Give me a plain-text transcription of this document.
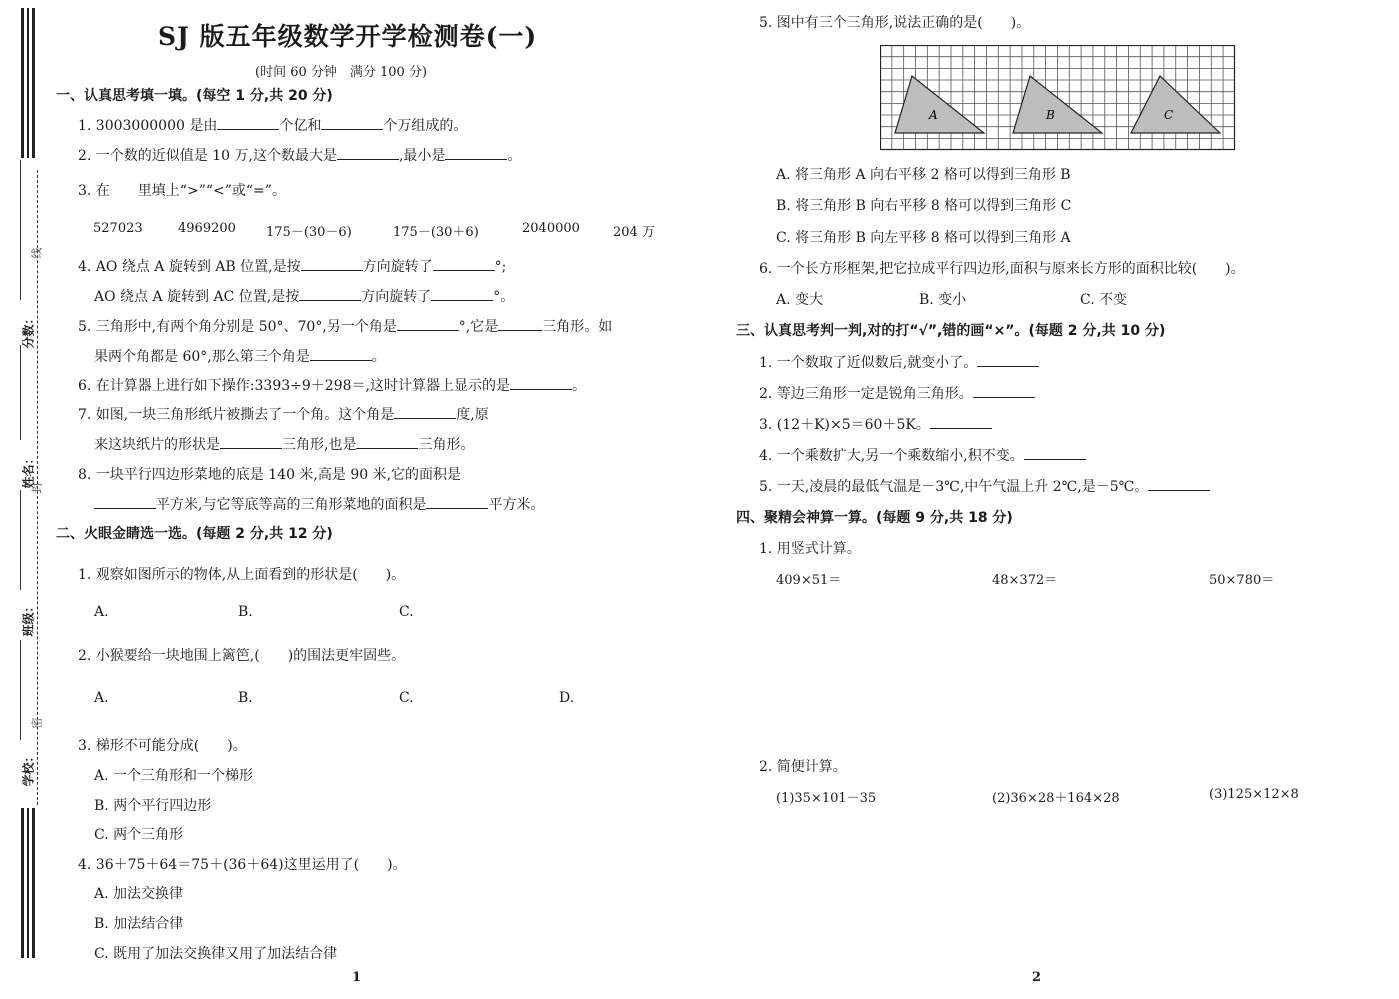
分数：
姓名：
班级：
学校：
线
封
密
SJ 版五年级数学开学检测卷(一)
(时间 60 分钟　满分 100 分)
一、认真思考填一填。(每空 1 分,共 20 分)
1. 3003000000 是由	个亿和	个万组成的。
2. 一个数的近似值是 10 万,这个数最大是	,最小是	。
3. 在　　里填上“>”“<”或“=”。
527023	4969200 175－(30－6)	175－(30＋6)	2040000	204 万
4. AO 绕点 A 旋转到 AB 位置,是按	方向旋转了	°;
AO 绕点 A 旋转到 AC 位置,是按	方向旋转了	°。
5. 三角形中,有两个角分别是 50°、70°,另一个角是	°,它是	三角形。如
果两个角都是 60°,那么第三个角是	。
6. 在计算器上进行如下操作:3393÷9＋298＝,这时计算器上显示的是	。
7. 如图,一块三角形纸片被撕去了一个角。这个角是	度,原
来这块纸片的形状是	三角形,也是	三角形。
8. 一块平行四边形菜地的底是 140 米,高是 90 米,它的面积是
平方米,与它等底等高的三角形菜地的面积是	平方米。
二、火眼金睛选一选。(每题 2 分,共 12 分)
1. 观察如图所示的物体,从上面看到的形状是(　　)。
A.	B.	C.
2. 小猴要给一块地围上篱笆,(　　)的围法更牢固些。
A.	B.	C.	D.
3. 梯形不可能分成(　　)。
A. 一个三角形和一个梯形
B. 两个平行四边形
C. 两个三角形
4. 36＋75＋64＝75＋(36＋64)这里运用了(　　)。
A. 加法交换律
B. 加法结合律
C. 既用了加法交换律又用了加法结合律
1
5. 图中有三个三角形,说法正确的是(　　)。
A	B	C
A. 将三角形 A 向右平移 2 格可以得到三角形 B
B. 将三角形 B 向右平移 8 格可以得到三角形 C
C. 将三角形 B 向左平移 8 格可以得到三角形 A
6. 一个长方形框架,把它拉成平行四边形,面积与原来长方形的面积比较(　　)。
A. 变大	B. 变小	C. 不变
三、认真思考判一判,对的打“√”,错的画“×”。(每题 2 分,共 10 分)
1. 一个数取了近似数后,就变小了。
2. 等边三角形一定是锐角三角形。
3. (12＋K)×5＝60＋5K。
4. 一个乘数扩大,另一个乘数缩小,积不变。
5. 一天,凌晨的最低气温是－3℃,中午气温上升 2℃,是－5℃。
四、聚精会神算一算。(每题 9 分,共 18 分)
1. 用竖式计算。
409×51＝	48×372＝	50×780＝
2. 简便计算。
(1)35×101－35	(2)36×28＋164×28	(3)125×12×8
2
